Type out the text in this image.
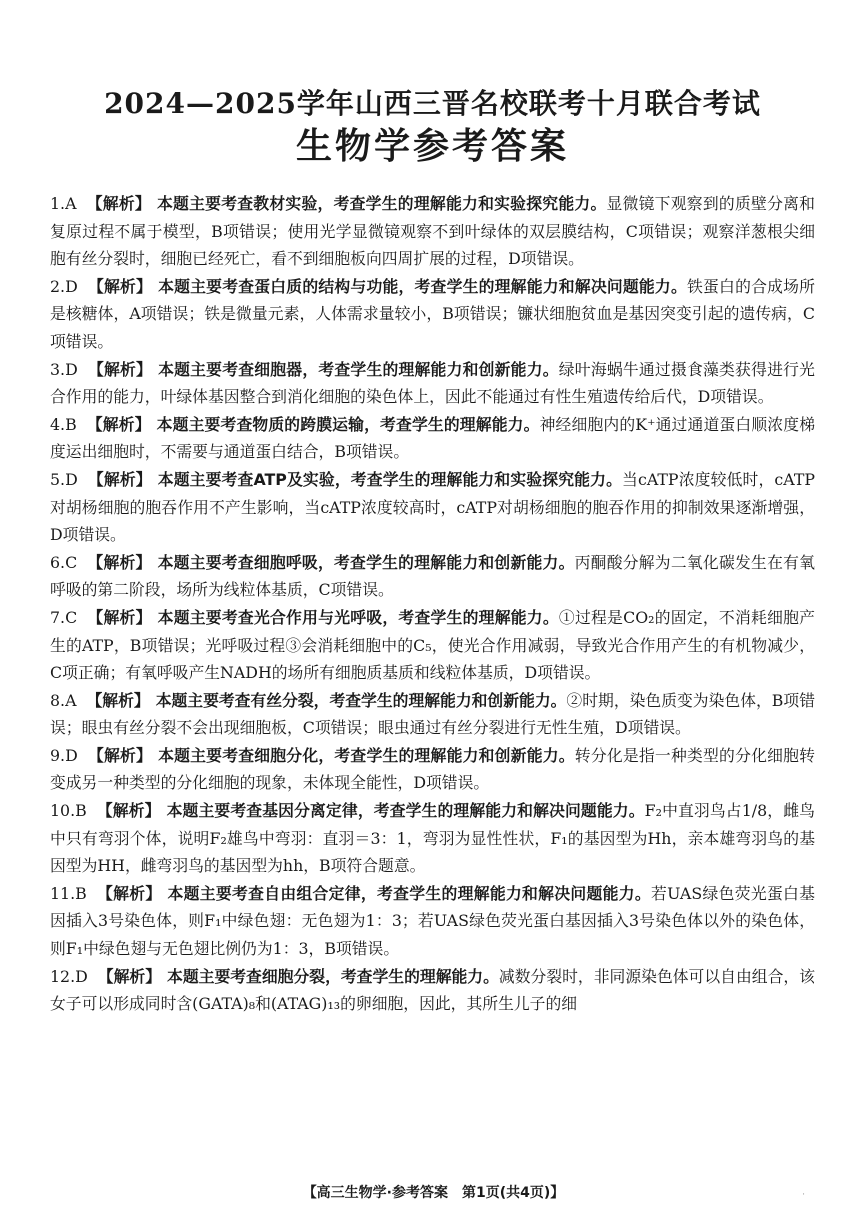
2024—2025学年山西三晋名校联考十月联合考试
生物学参考答案
1.A 【解析】 本题主要考查教材实验，考查学生的理解能力和实验探究能力。显微镜下观察到的质壁分离和复原过程不属于模型，B项错误；使用光学显微镜观察不到叶绿体的双层膜结构，C项错误；观察洋葱根尖细胞有丝分裂时，细胞已经死亡，看不到细胞板向四周扩展的过程，D项错误。
2.D 【解析】 本题主要考查蛋白质的结构与功能，考查学生的理解能力和解决问题能力。铁蛋白的合成场所是核糖体，A项错误；铁是微量元素，人体需求量较小，B项错误；镰状细胞贫血是基因突变引起的遗传病，C项错误。
3.D 【解析】 本题主要考查细胞器，考查学生的理解能力和创新能力。绿叶海蜗牛通过摄食藻类获得进行光合作用的能力，叶绿体基因整合到消化细胞的染色体上，因此不能通过有性生殖遗传给后代，D项错误。
4.B 【解析】 本题主要考查物质的跨膜运输，考查学生的理解能力。神经细胞内的K⁺通过通道蛋白顺浓度梯度运出细胞时，不需要与通道蛋白结合，B项错误。
5.D 【解析】 本题主要考查ATP及实验，考查学生的理解能力和实验探究能力。当cATP浓度较低时，cATP对胡杨细胞的胞吞作用不产生影响，当cATP浓度较高时，cATP对胡杨细胞的胞吞作用的抑制效果逐渐增强，D项错误。
6.C 【解析】 本题主要考查细胞呼吸，考查学生的理解能力和创新能力。丙酮酸分解为二氧化碳发生在有氧呼吸的第二阶段，场所为线粒体基质，C项错误。
7.C 【解析】 本题主要考查光合作用与光呼吸，考查学生的理解能力。①过程是CO₂的固定，不消耗细胞产生的ATP，B项错误；光呼吸过程③会消耗细胞中的C₅，使光合作用减弱，导致光合作用产生的有机物减少，C项正确；有氧呼吸产生NADH的场所有细胞质基质和线粒体基质，D项错误。
8.A 【解析】 本题主要考查有丝分裂，考查学生的理解能力和创新能力。②时期，染色质变为染色体，B项错误；眼虫有丝分裂不会出现细胞板，C项错误；眼虫通过有丝分裂进行无性生殖，D项错误。
9.D 【解析】 本题主要考查细胞分化，考查学生的理解能力和创新能力。转分化是指一种类型的分化细胞转变成另一种类型的分化细胞的现象，未体现全能性，D项错误。
10.B 【解析】 本题主要考查基因分离定律，考查学生的理解能力和解决问题能力。F₂中直羽鸟占1/8，雌鸟中只有弯羽个体，说明F₂雄鸟中弯羽：直羽＝3：1，弯羽为显性性状，F₁的基因型为Hh，亲本雄弯羽鸟的基因型为HH，雌弯羽鸟的基因型为hh，B项符合题意。
11.B 【解析】 本题主要考查自由组合定律，考查学生的理解能力和解决问题能力。若UAS绿色荧光蛋白基因插入3号染色体，则F₁中绿色翅：无色翅为1：3；若UAS绿色荧光蛋白基因插入3号染色体以外的染色体，则F₁中绿色翅与无色翅比例仍为1：3，B项错误。
12.D 【解析】 本题主要考查细胞分裂，考查学生的理解能力。减数分裂时，非同源染色体可以自由组合，该女子可以形成同时含(GATA)₈和(ATAG)₁₃的卵细胞，因此，其所生儿子的细
【高三生物学·参考答案　第1页(共4页)】	·
